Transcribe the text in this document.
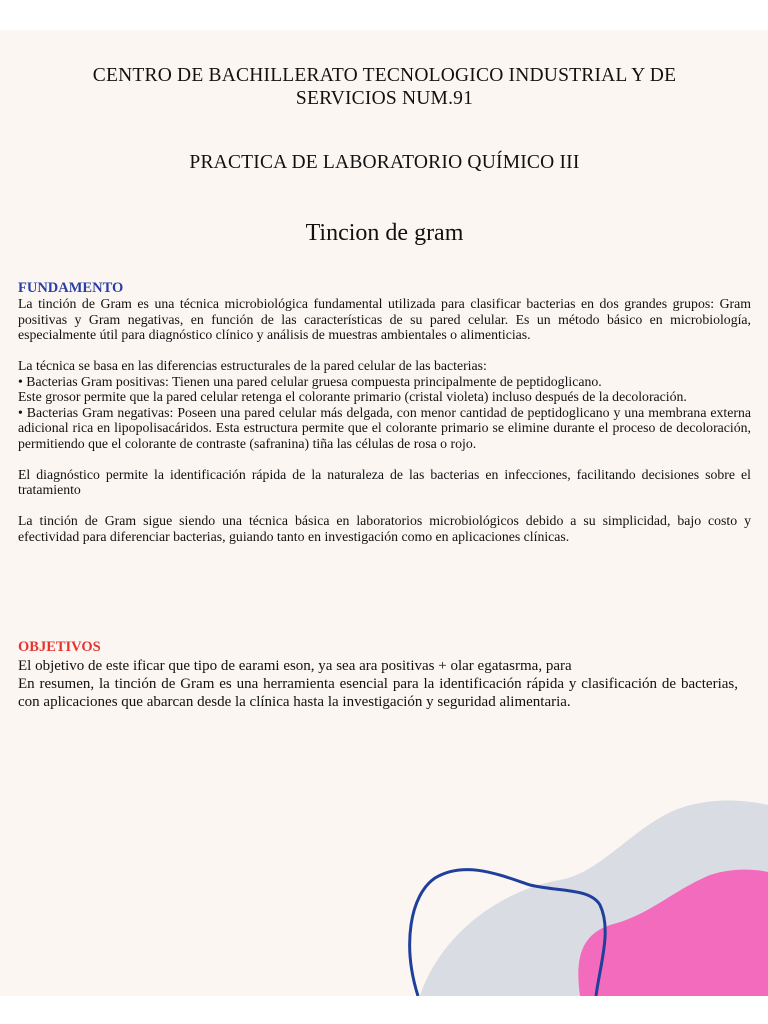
CENTRO DE BACHILLERATO TECNOLOGICO INDUSTRIAL Y DE
SERVICIOS NUM.91
PRACTICA DE LABORATORIO QUÍMICO III
Tincion de gram
FUNDAMENTO

La tinción de Gram es una técnica microbiológica fundamental utilizada para clasificar bacterias en dos grandes grupos: Gram positivas y Gram negativas, en función de las características de su pared celular. Es un método básico en microbiología, especialmente útil para diagnóstico clínico y análisis de muestras ambientales o alimenticias.

La técnica se basa en las diferencias estructurales de la pared celular de las bacterias:

• Bacterias Gram positivas: Tienen una pared celular gruesa compuesta principalmente de peptidoglicano.

Este grosor permite que la pared celular retenga el colorante primario (cristal violeta) incluso después de la decoloración.

• Bacterias Gram negativas: Poseen una pared celular más delgada, con menor cantidad de peptidoglicano y una membrana externa adicional rica en lipopolisacáridos. Esta estructura permite que el colorante primario se elimine durante el proceso de decoloración, permitiendo que el colorante de contraste (safranina) tiña las células de rosa o rojo.

El diagnóstico permite la identificación rápida de la naturaleza de las bacterias en infecciones, facilitando decisiones sobre el tratamiento

La tinción de Gram sigue siendo una técnica básica en laboratorios microbiológicos debido a su simplicidad, bajo costo y efectividad para diferenciar bacterias, guiando tanto en investigación como en aplicaciones clínicas.

OBJETIVOS

El objetivo de este ificar que tipo de earami eson, ya sea ara positivas + olar egatasrma, para

En resumen, la tinción de Gram es una herramienta esencial para la identificación rápida y clasificación de bacterias, con aplicaciones que abarcan desde la clínica hasta la investigación y seguridad alimentaria.
